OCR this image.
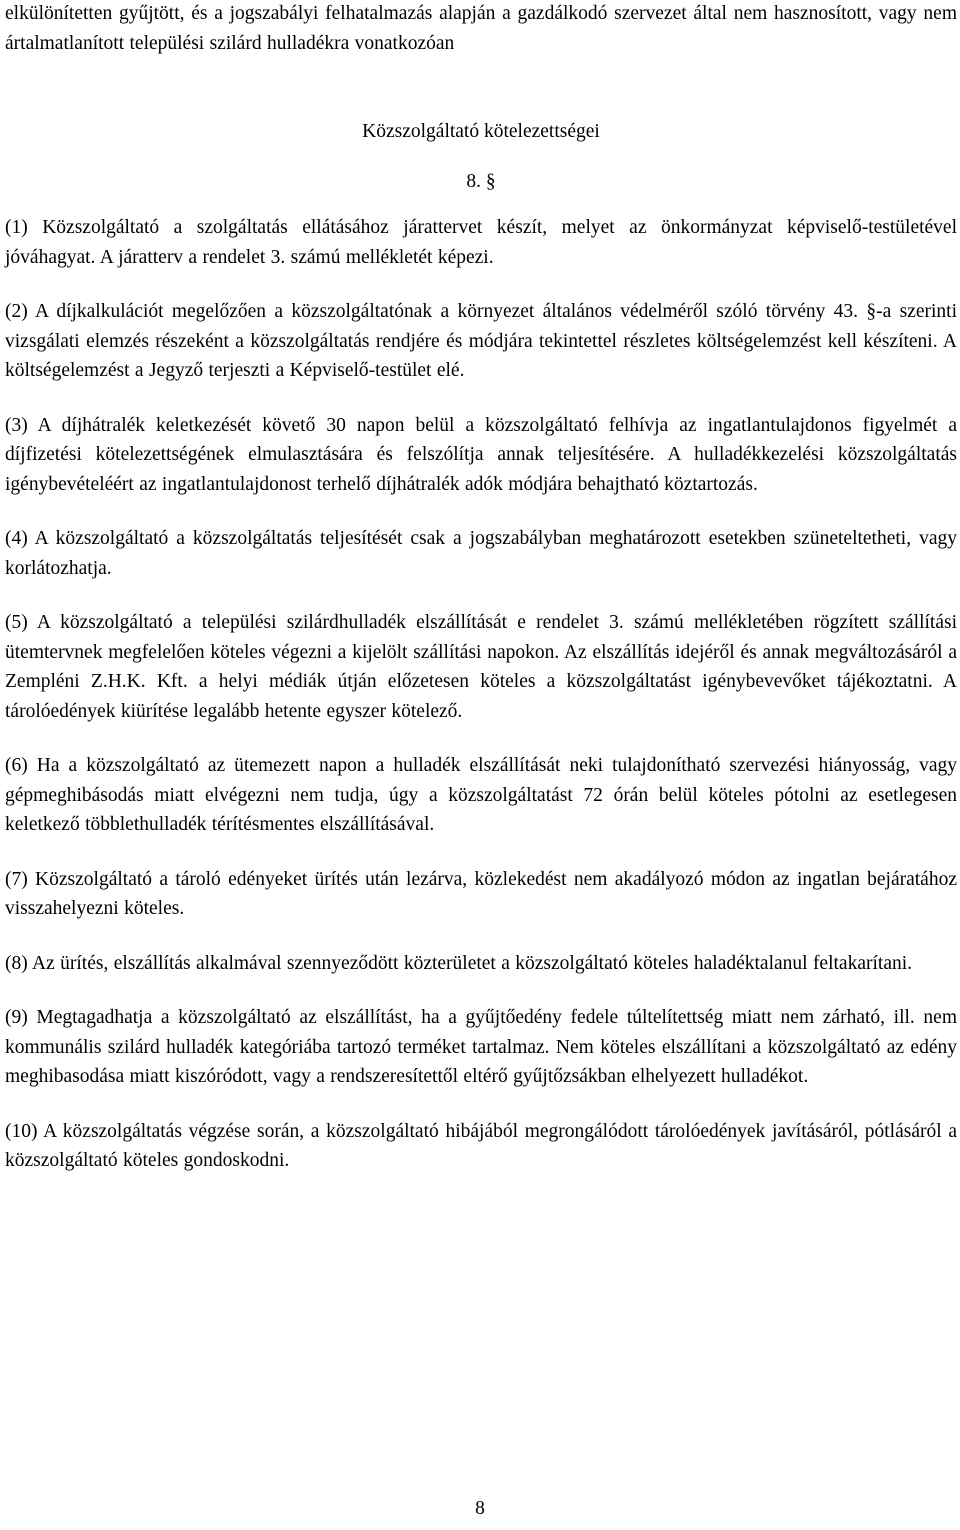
elkülönítetten gyűjtött, és a jogszabályi felhatalmazás alapján a gazdálkodó szervezet által nem hasznosított, vagy nem ártalmatlanított települési szilárd hulladékra vonatkozóan

Közszolgáltató kötelezettségei
8. §

(1) Közszolgáltató a szolgáltatás ellátásához járattervet készít, melyet az önkormányzat képviselő-testületével jóváhagyat. A járatterv a rendelet 3. számú mellékletét képezi.

(2) A díjkalkulációt megelőzően a közszolgáltatónak a környezet általános védelméről szóló törvény 43. §-a szerinti vizsgálati elemzés részeként a közszolgáltatás rendjére és módjára tekintettel részletes költségelemzést kell készíteni. A költségelemzést a Jegyző terjeszti a Képviselő-testület elé.

(3) A díjhátralék keletkezését követő 30 napon belül a közszolgáltató felhívja az ingatlantulajdonos figyelmét a díjfizetési kötelezettségének elmulasztására és felszólítja annak teljesítésére. A hulladékkezelési közszolgáltatás igénybevételéért az ingatlantulajdonost terhelő díjhátralék adók módjára behajtható köztartozás.

(4) A közszolgáltató a közszolgáltatás teljesítését csak a jogszabályban meghatározott esetekben szüneteltetheti, vagy korlátozhatja.

(5) A közszolgáltató a települési szilárdhulladék elszállítását e rendelet 3. számú mellékletében rögzített szállítási ütemtervnek megfelelően köteles végezni a kijelölt szállítási napokon. Az elszállítás idejéről és annak megváltozásáról a Zempléni Z.H.K. Kft. a helyi médiák útján előzetesen köteles a közszolgáltatást igénybevevőket tájékoztatni. A tárolóedények kiürítése legalább hetente egyszer kötelező.

(6) Ha a közszolgáltató az ütemezett napon a hulladék elszállítását neki tulajdonítható szervezési hiányosság, vagy gépmeghibásodás miatt elvégezni nem tudja, úgy a közszolgáltatást 72 órán belül köteles pótolni az esetlegesen keletkező többlethulladék térítésmentes elszállításával.

(7) Közszolgáltató a tároló edényeket ürítés után lezárva, közlekedést nem akadályozó módon az ingatlan bejáratához visszahelyezni köteles.

(8) Az ürítés, elszállítás alkalmával szennyeződött közterületet a közszolgáltató köteles haladéktalanul feltakarítani.

(9) Megtagadhatja a közszolgáltató az elszállítást, ha a gyűjtőedény fedele túltelítettség miatt nem zárható, ill. nem kommunális szilárd hulladék kategóriába tartozó terméket tartalmaz. Nem köteles elszállítani a közszolgáltató az edény meghibasodása miatt kiszóródott, vagy a rendszeresítettől eltérő gyűjtőzsákban elhelyezett hulladékot.

(10) A közszolgáltatás végzése során, a közszolgáltató hibájából megrongálódott tárolóedények javításáról, pótlásáról a közszolgáltató köteles gondoskodni.

8
